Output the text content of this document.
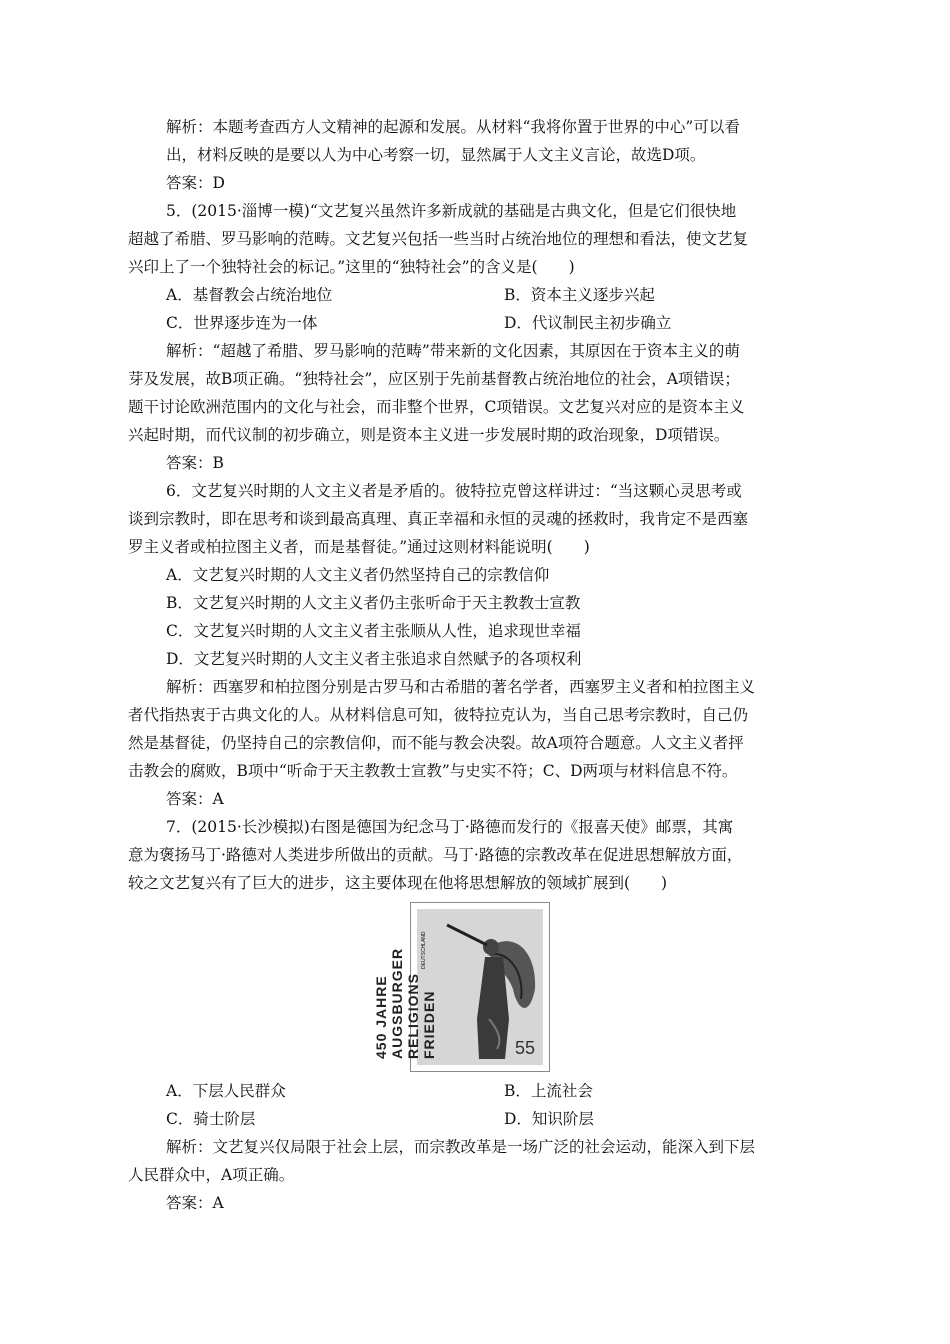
解析：本题考查西方人文精神的起源和发展。从材料“我将你置于世界的中心”可以看
出，材料反映的是要以人为中心考察一切，显然属于人文主义言论，故选D项。
答案：D
5．(2015·淄博一模)“文艺复兴虽然许多新成就的基础是古典文化，但是它们很快地
超越了希腊、罗马影响的范畴。文艺复兴包括一些当时占统治地位的理想和看法，使文艺复
兴印上了一个独特社会的标记。”这里的“独特社会”的含义是(　　)
解析：“超越了希腊、罗马影响的范畴”带来新的文化因素，其原因在于资本主义的萌
芽及发展，故B项正确。“独特社会”，应区别于先前基督教占统治地位的社会，A项错误；
题干讨论欧洲范围内的文化与社会，而非整个世界，C项错误。文艺复兴对应的是资本主义
兴起时期，而代议制的初步确立，则是资本主义进一步发展时期的政治现象，D项错误。
答案：B
6．文艺复兴时期的人文主义者是矛盾的。彼特拉克曾这样讲过：“当这颗心灵思考或
谈到宗教时，即在思考和谈到最高真理、真正幸福和永恒的灵魂的拯救时，我肯定不是西塞
罗主义者或柏拉图主义者，而是基督徒。”通过这则材料能说明(　　)
A．文艺复兴时期的人文主义者仍然坚持自己的宗教信仰
B．文艺复兴时期的人文主义者仍主张听命于天主教教士宣教
C．文艺复兴时期的人文主义者主张顺从人性，追求现世幸福
D．文艺复兴时期的人文主义者主张追求自然赋予的各项权利
解析：西塞罗和柏拉图分别是古罗马和古希腊的著名学者，西塞罗主义者和柏拉图主义
者代指热衷于古典文化的人。从材料信息可知，彼特拉克认为，当自己思考宗教时，自己仍
然是基督徒，仍坚持自己的宗教信仰，而不能与教会决裂。故A项符合题意。人文主义者抨
击教会的腐败，B项中“听命于天主教教士宣教”与史实不符；C、D两项与材料信息不符。
答案：A
7．(2015·长沙模拟)右图是德国为纪念马丁·路德而发行的《报喜天使》邮票，其寓
意为褒扬马丁·路德对人类进步所做出的贡献。马丁·路德的宗教改革在促进思想解放方面，
较之文艺复兴有了巨大的进步，这主要体现在他将思想解放的领域扩展到(　　)
解析：文艺复兴仅局限于社会上层，而宗教改革是一场广泛的社会运动，能深入到下层
人民群众中，A项正确。
答案：A
A．基督教会占统治地位	B．资本主义逐步兴起
C．世界逐步连为一体	D．代议制民主初步确立
A．下层人民群众	B．上流社会
C．骑士阶层	D．知识阶层
450 JAHRE AUGSBURGER RELIGIONS FRIEDEN
DEUTSCHLAND
55
